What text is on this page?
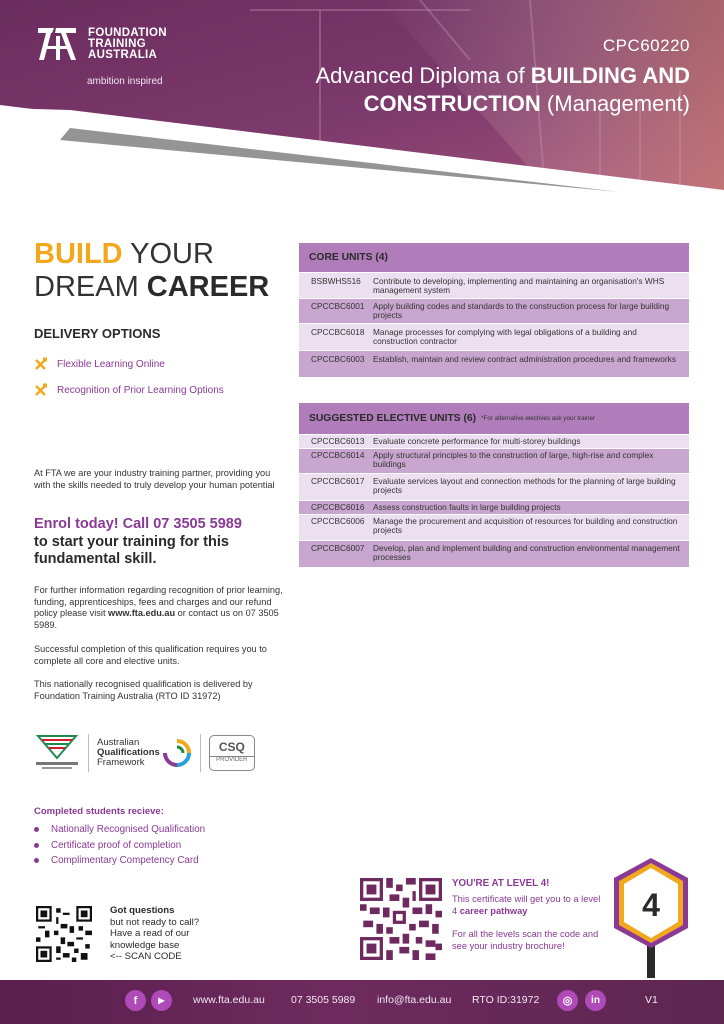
FOUNDATION
TRAINING
AUSTRALIA
ambition inspired
CPC60220
Advanced Diploma of BUILDING AND CONSTRUCTION (Management)
BUILD YOUR
DREAM CAREER
DELIVERY OPTIONS
Flexible Learning Online
Recognition of Prior Learning Options
At FTA we are your industry training partner, providing you with the skills needed to truly develop your human potential
Enrol today! Call 07 3505 5989
to start your training for this fundamental skill.
For further information regarding recognition of prior learning, funding, apprenticeships, fees and charges and our refund policy please visit www.fta.edu.au or contact us on 07 3505 5989.
Successful completion of this qualification requires you to complete all core and elective units.
This nationally recognised qualification is delivered by Foundation Training Australia (RTO ID 31972)
Australian
Qualifications
Framework
CSQ
PROVIDER
Completed students recieve:
Nationally Recognised Qualification
Certificate proof of completion
Complimentary Competency Card
Got questions
but not ready to call?
Have a read of our
knowledge base
<-- SCAN CODE
CORE UNITS (4)
BSBWHS516	Contribute to developing, implementing and maintaining an organisation's WHS management system
CPCCBC6001	Apply building codes and standards to the construction process for large building projects
CPCCBC6018	Manage processes for complying with legal obligations of a building and construction contractor
CPCCBC6003	Establish, maintain and review contract administration procedures and frameworks
SUGGESTED ELECTIVE UNITS (6) *For alternative electives ask your trainer
CPCCBC6013	Evaluate concrete performance for multi-storey buildings
CPCCBC6014	Apply structural principles to the construction of large, high-rise and complex buildings
CPCCBC6017	Evaluate services layout and connection methods for the planning of large building projects
CPCCBC6016	Assess construction faults in large building projects
CPCCBC6006	Manage the procurement and acquisition of resources for building and construction projects
CPCCBC6007	Develop, plan and implement building and construction environmental management processes
YOU'RE AT LEVEL 4!
This certificate will get you to a level 4 career pathway
For all the levels scan the code and see your industry brochure!
4
f	▶	www.fta.edu.au 07 3505 5989 info@fta.edu.au RTO ID:31972	◎	in	V1
